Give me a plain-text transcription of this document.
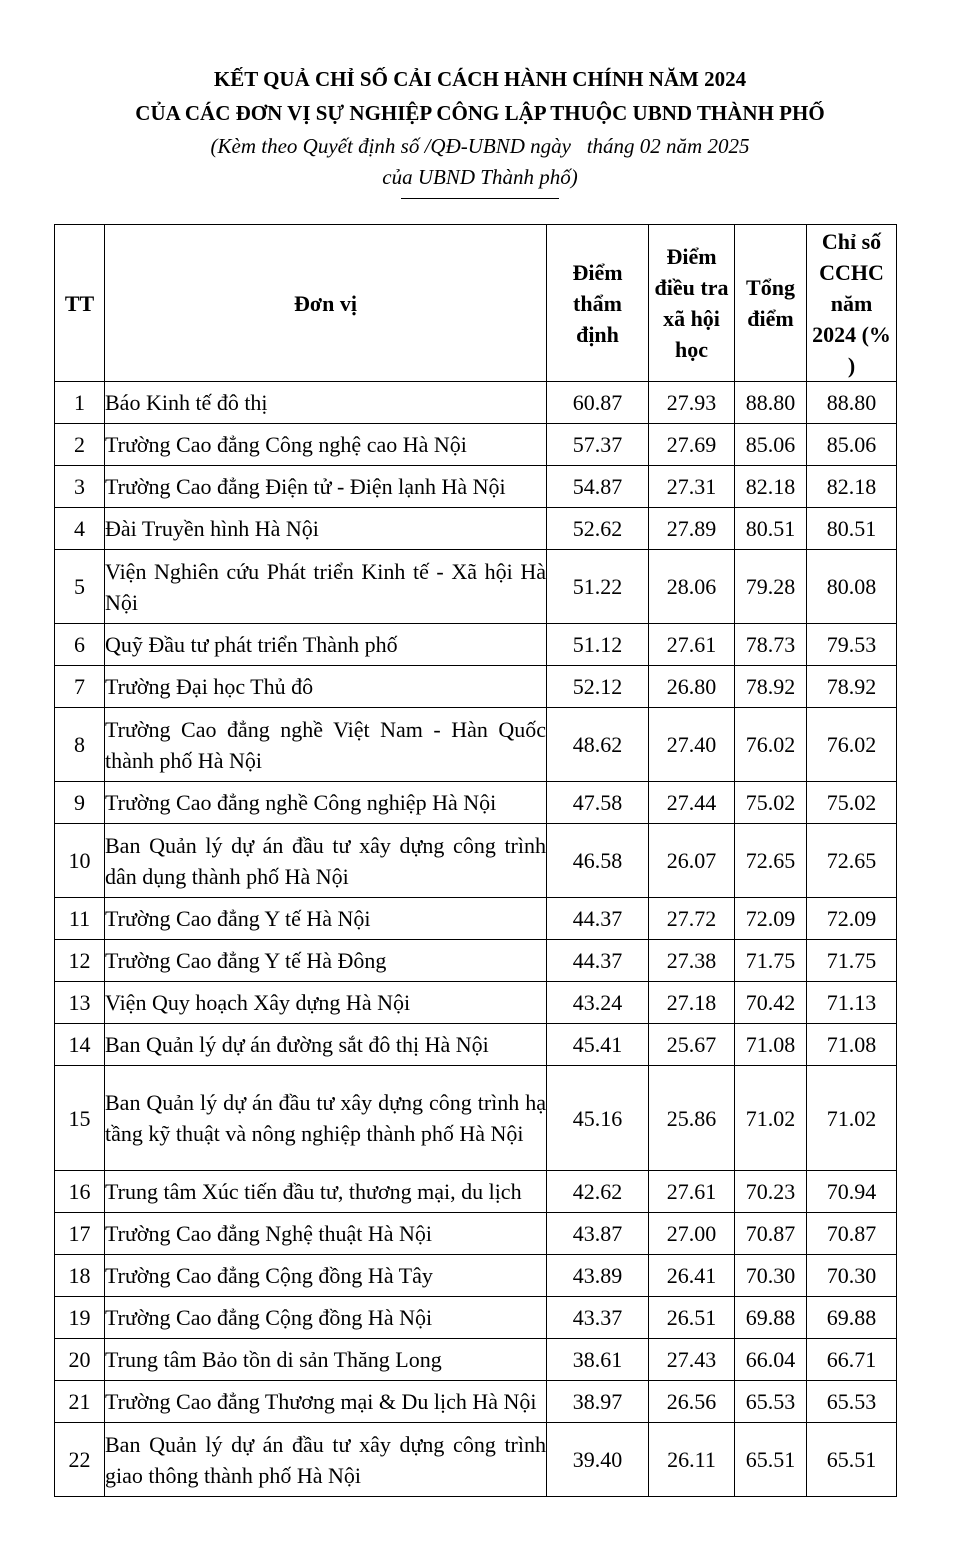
KẾT QUẢ CHỈ SỐ CẢI CÁCH HÀNH CHÍNH NĂM 2024
CỦA CÁC ĐƠN VỊ SỰ NGHIỆP CÔNG LẬP THUỘC UBND THÀNH PHỐ
(Kèm theo Quyết định số /QĐ-UBND ngày   tháng 02 năm 2025
của UBND Thành phố)
TT	Đơn vị	Điểm thẩm định	Điểm điều tra xã hội học	Tổng điểm	Chỉ số CCHC năm 2024 (% )

1	Báo Kinh tế đô thị	60.87	27.93	88.80	88.80
2	Trường Cao đẳng Công nghệ cao Hà Nội	57.37	27.69	85.06	85.06
3	Trường Cao đẳng Điện tử - Điện lạnh Hà Nội	54.87	27.31	82.18	82.18
4	Đài Truyền hình Hà Nội	52.62	27.89	80.51	80.51
5	Viện Nghiên cứu Phát triển Kinh tế - Xã hội Hà Nội	51.22	28.06	79.28	80.08
6	Quỹ Đầu tư phát triển Thành phố	51.12	27.61	78.73	79.53
7	Trường Đại học Thủ đô	52.12	26.80	78.92	78.92
8	Trường Cao đẳng nghề Việt Nam - Hàn Quốc thành phố Hà Nội	48.62	27.40	76.02	76.02
9	Trường Cao đẳng nghề Công nghiệp Hà Nội	47.58	27.44	75.02	75.02
10	Ban Quản lý dự án đầu tư xây dựng công trình dân dụng thành phố Hà Nội	46.58	26.07	72.65	72.65
11	Trường Cao đẳng Y tế Hà Nội	44.37	27.72	72.09	72.09
12	Trường Cao đẳng Y tế Hà Đông	44.37	27.38	71.75	71.75
13	Viện Quy hoạch Xây dựng Hà Nội	43.24	27.18	70.42	71.13
14	Ban Quản lý dự án đường sắt đô thị Hà Nội	45.41	25.67	71.08	71.08
15	Ban Quản lý dự án đầu tư xây dựng công trình hạ tầng kỹ thuật và nông nghiệp thành phố Hà Nội	45.16	25.86	71.02	71.02
16	Trung tâm Xúc tiến đầu tư, thương mại, du lịch	42.62	27.61	70.23	70.94
17	Trường Cao đẳng Nghệ thuật Hà Nội	43.87	27.00	70.87	70.87
18	Trường Cao đẳng Cộng đồng Hà Tây	43.89	26.41	70.30	70.30
19	Trường Cao đẳng Cộng đồng Hà Nội	43.37	26.51	69.88	69.88
20	Trung tâm Bảo tồn di sản Thăng Long	38.61	27.43	66.04	66.71
21	Trường Cao đẳng Thương mại & Du lịch Hà Nội	38.97	26.56	65.53	65.53
22	Ban Quản lý dự án đầu tư xây dựng công trình giao thông thành phố Hà Nội	39.40	26.11	65.51	65.51
